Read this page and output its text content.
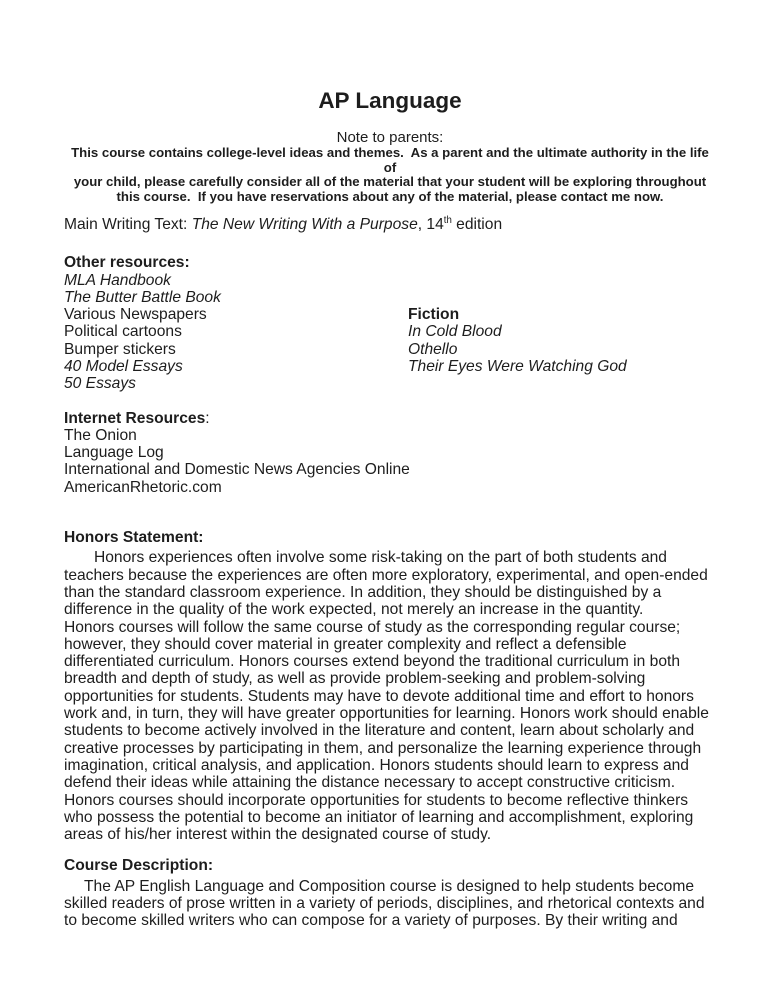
AP Language
Note to parents:
This course contains college-level ideas and themes.  As a parent and the ultimate authority in the life of
your child, please carefully consider all of the material that your student will be exploring throughout
this course.  If you have reservations about any of the material, please contact me now.

Main Writing Text: The New Writing With a Purpose, 14th edition

Other resources:
MLA Handbook
The Butter Battle Book
Various Newspapers
Political cartoons
Bumper stickers
40 Model Essays
50 Essays
Fiction
In Cold Blood
Othello
Their Eyes Were Watching God
Internet Resources:
The Onion
Language Log
International and Domestic News Agencies Online
AmericanRhetoric.com
Honors Statement:
Honors experiences often involve some risk-taking on the part of both students and
teachers because the experiences are often more exploratory, experimental, and open-ended
than the standard classroom experience. In addition, they should be distinguished by a
difference in the quality of the work expected, not merely an increase in the quantity.
Honors courses will follow the same course of study as the corresponding regular course;
however, they should cover material in greater complexity and reflect a defensible
differentiated curriculum. Honors courses extend beyond the traditional curriculum in both
breadth and depth of study, as well as provide problem-seeking and problem-solving
opportunities for students. Students may have to devote additional time and effort to honors
work and, in turn, they will have greater opportunities for learning. Honors work should enable
students to become actively involved in the literature and content, learn about scholarly and
creative processes by participating in them, and personalize the learning experience through
imagination, critical analysis, and application. Honors students should learn to express and
defend their ideas while attaining the distance necessary to accept constructive criticism.
Honors courses should incorporate opportunities for students to become reflective thinkers
who possess the potential to become an initiator of learning and accomplishment, exploring
areas of his/her interest within the designated course of study.
Course Description:
The AP English Language and Composition course is designed to help students become
skilled readers of prose written in a variety of periods, disciplines, and rhetorical contexts and
to become skilled writers who can compose for a variety of purposes. By their writing and
